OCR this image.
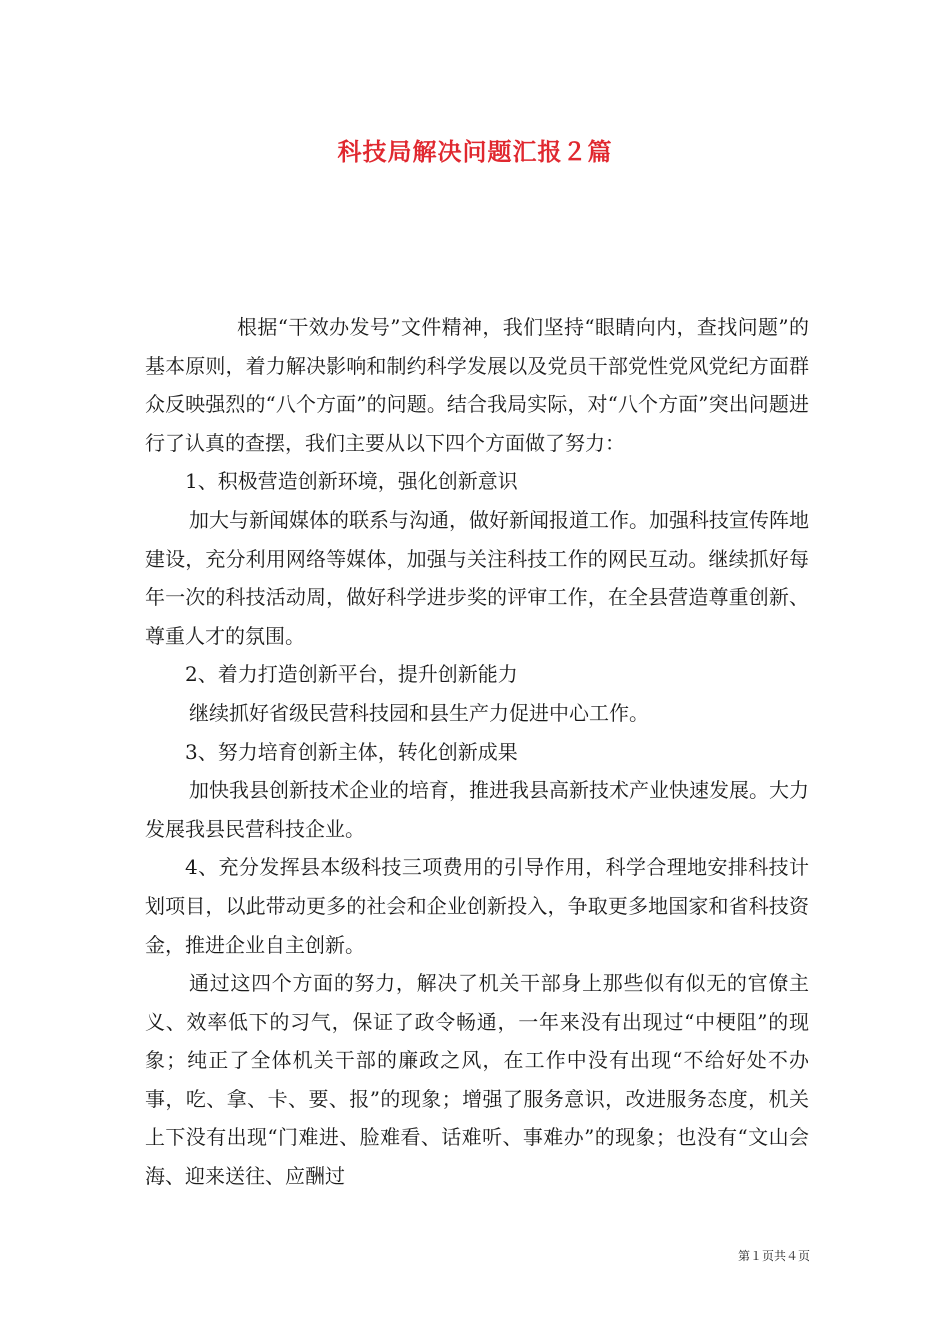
科技局解决问题汇报２篇

根据“干效办发号”文件精神，我们坚持“眼睛向内，查找问题”的基本原则，着力解决影响和制约科学发展以及党员干部党性党风党纪方面群众反映强烈的“八个方面”的问题。结合我局实际，对“八个方面”突出问题进行了认真的查摆，我们主要从以下四个方面做了努力：

1、积极营造创新环境，强化创新意识

加大与新闻媒体的联系与沟通，做好新闻报道工作。加强科技宣传阵地建设，充分利用网络等媒体，加强与关注科技工作的网民互动。继续抓好每年一次的科技活动周，做好科学进步奖的评审工作，在全县营造尊重创新、尊重人才的氛围。

2、着力打造创新平台，提升创新能力

继续抓好省级民营科技园和县生产力促进中心工作。

3、努力培育创新主体，转化创新成果

加快我县创新技术企业的培育，推进我县高新技术产业快速发展。大力发展我县民营科技企业。

4、充分发挥县本级科技三项费用的引导作用，科学合理地安排科技计划项目，以此带动更多的社会和企业创新投入，争取更多地国家和省科技资金，推进企业自主创新。

通过这四个方面的努力，解决了机关干部身上那些似有似无的官僚主义、效率低下的习气，保证了政令畅通，一年来没有出现过“中梗阻”的现象；纯正了全体机关干部的廉政之风，在工作中没有出现“不给好处不办事，吃、拿、卡、要、报”的现象；增强了服务意识，改进服务态度，机关上下没有出现“门难进、脸难看、话难听、事难办”的现象；也没有“文山会海、迎来送往、应酬过

第１页共４页
